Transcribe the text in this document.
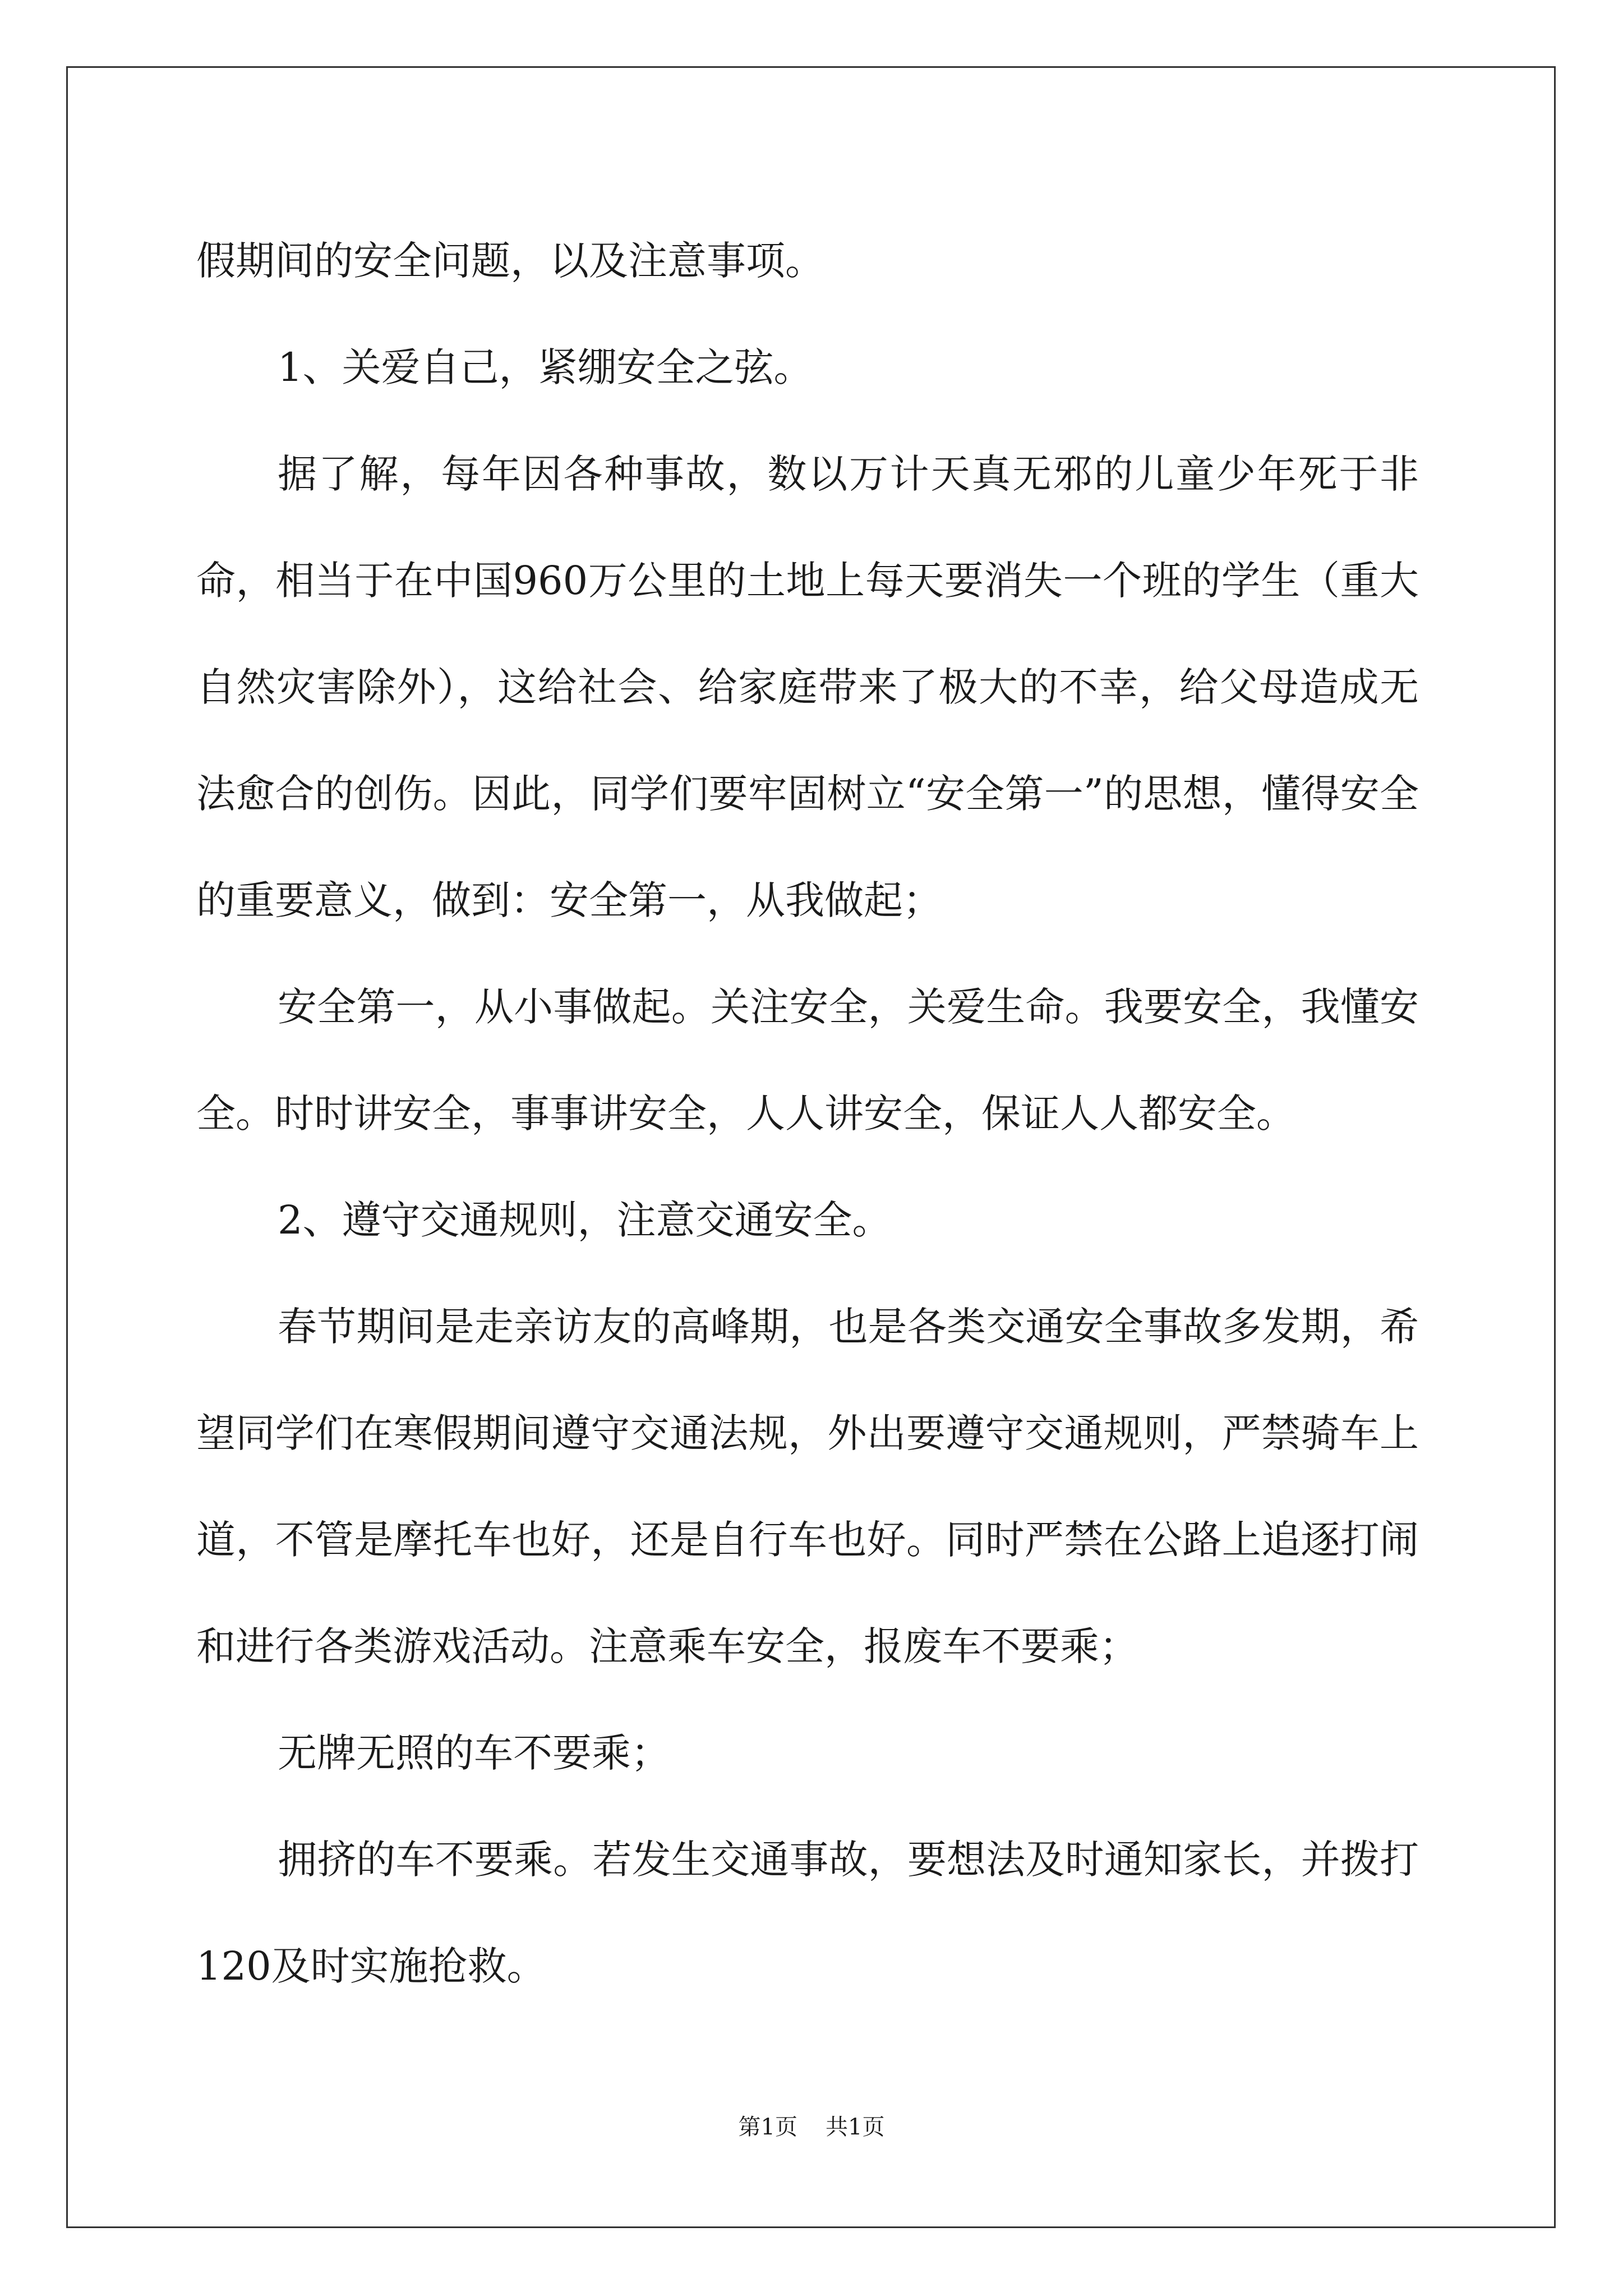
假期间的安全问题，以及注意事项。

1、关爱自己，紧绷安全之弦。

据了解，每年因各种事故，数以万计天真无邪的儿童少年死于非命，相当于在中国960万公里的土地上每天要消失一个班的学生（重大自然灾害除外），这给社会、给家庭带来了极大的不幸，给父母造成无法愈合的创伤。因此，同学们要牢固树立“安全第一”的思想，懂得安全的重要意义，做到：安全第一，从我做起；

安全第一，从小事做起。关注安全，关爱生命。我要安全，我懂安全。时时讲安全，事事讲安全，人人讲安全，保证人人都安全。

2、遵守交通规则，注意交通安全。

春节期间是走亲访友的高峰期，也是各类交通安全事故多发期，希望同学们在寒假期间遵守交通法规，外出要遵守交通规则，严禁骑车上道，不管是摩托车也好，还是自行车也好。同时严禁在公路上追逐打闹和进行各类游戏活动。注意乘车安全，报废车不要乘；

无牌无照的车不要乘；

拥挤的车不要乘。若发生交通事故，要想法及时通知家长，并拨打120及时实施抢救。

第1页 共1页
